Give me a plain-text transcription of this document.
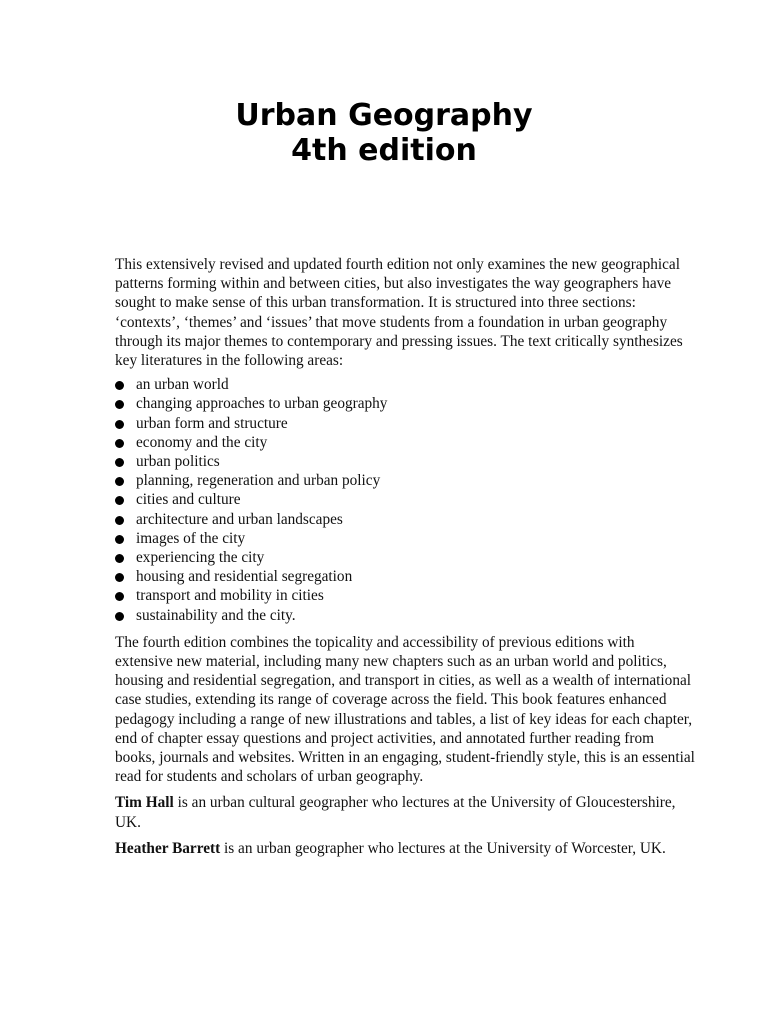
Urban Geography
4th edition

This extensively revised and updated fourth edition not only examines the new geographical patterns forming within and between cities, but also investigates the way geographers have sought to make sense of this urban transformation. It is structured into three sections: ‘contexts’, ‘themes’ and ‘issues’ that move students from a foundation in urban geography through its major themes to contemporary and pressing issues. The text critically synthesizes key literatures in the following areas:

an urban world
changing approaches to urban geography
urban form and structure
economy and the city
urban politics
planning, regeneration and urban policy
cities and culture
architecture and urban landscapes
images of the city
experiencing the city
housing and residential segregation
transport and mobility in cities
sustainability and the city.

The fourth edition combines the topicality and accessibility of previous editions with extensive new material, including many new chapters such as an urban world and politics, housing and residential segregation, and transport in cities, as well as a wealth of international case studies, extending its range of coverage across the field. This book features enhanced pedagogy including a range of new illustrations and tables, a list of key ideas for each chapter, end of chapter essay questions and project activities, and annotated further reading from books, journals and websites. Written in an engaging, student-friendly style, this is an essential read for students and scholars of urban geography.

Tim Hall is an urban cultural geographer who lectures at the University of Gloucestershire, UK.

Heather Barrett is an urban geographer who lectures at the University of Worcester, UK.
